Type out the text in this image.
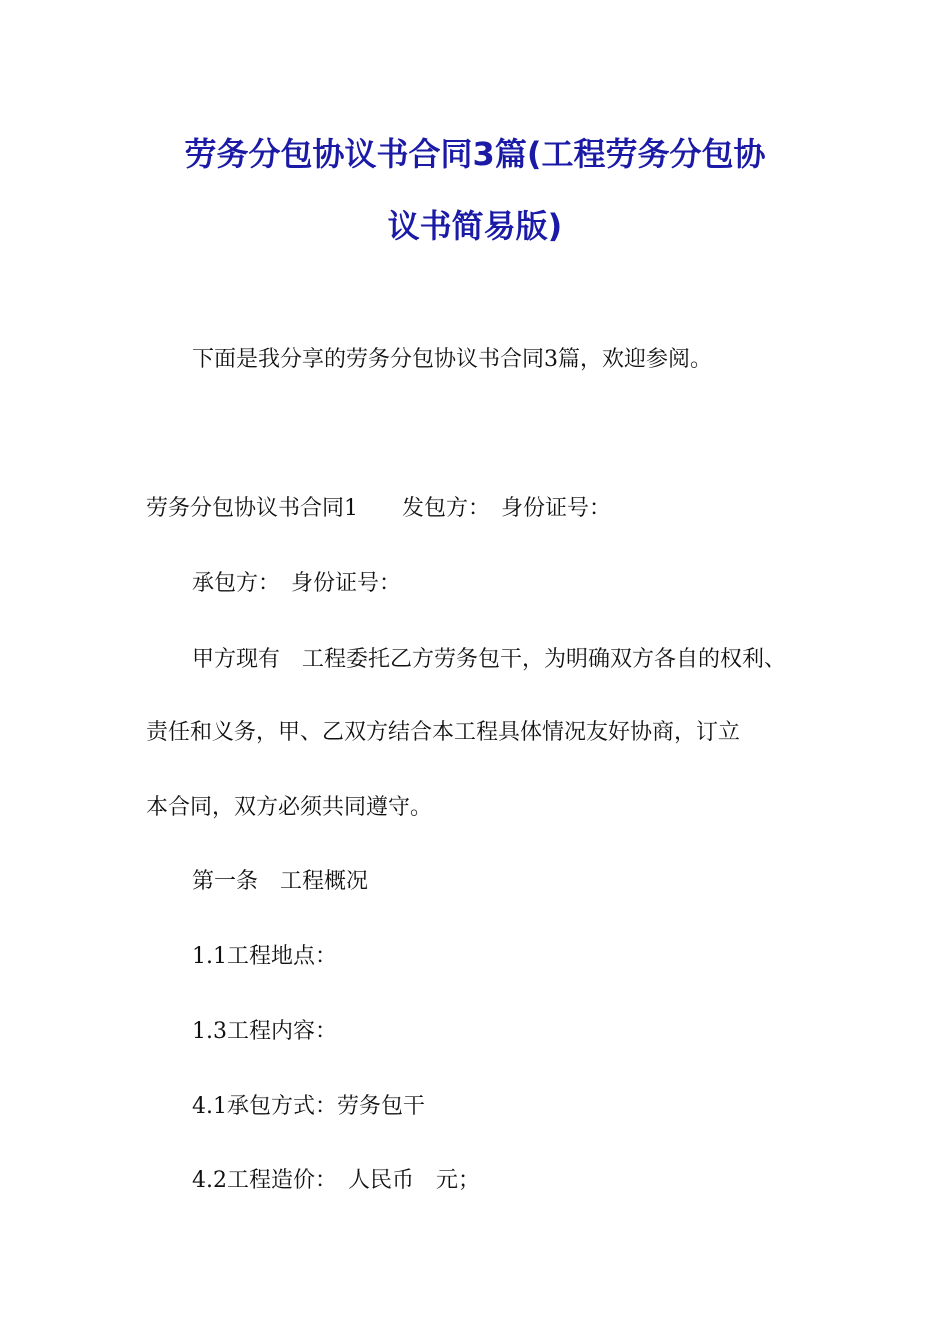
劳务分包协议书合同3篇(工程劳务分包协
议书简易版)
下面是我分享的劳务分包协议书合同3篇，欢迎参阅。
劳务分包协议书合同1　　发包方：　身份证号：
承包方：　身份证号：
甲方现有　工程委托乙方劳务包干，为明确双方各自的权利、
责任和义务，甲、乙双方结合本工程具体情况友好协商，订立
本合同，双方必须共同遵守。
第一条　工程概况
1.1工程地点：
1.3工程内容：
4.1承包方式：劳务包干
4.2工程造价：　人民币　元；
